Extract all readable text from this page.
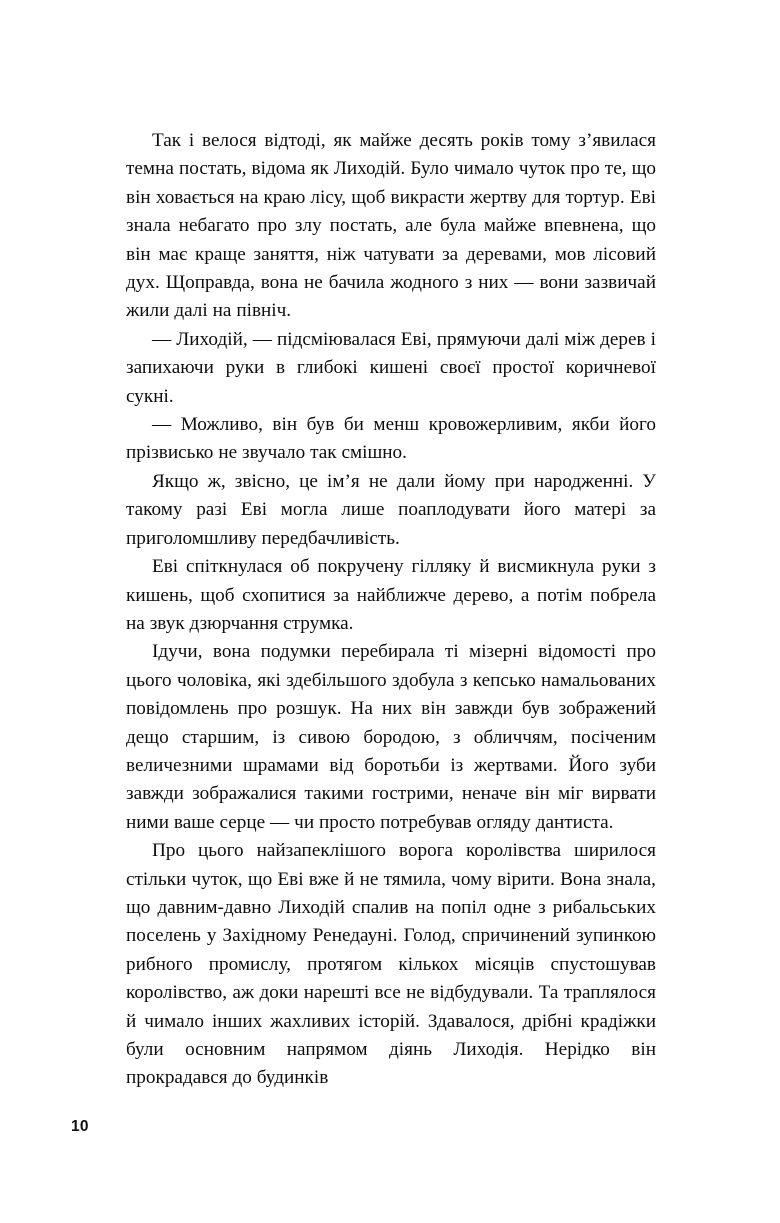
Так і велося відтоді, як майже десять років тому з’явилася темна постать, відома як Лиходій. Було чимало чуток про те, що він ховається на краю лісу, щоб викрасти жертву для тортур. Еві знала небагато про злу постать, але була майже впевнена, що він має краще заняття, ніж чатувати за деревами, мов лісовий дух. Щоправда, вона не бачила жодного з них — вони зазвичай жили далі на північ.

— Лиходій, — підсміювалася Еві, прямуючи далі між дерев і запихаючи руки в глибокі кишені своєї простої коричневої сукні.

— Можливо, він був би менш кровожерливим, якби його прізвисько не звучало так смішно.

Якщо ж, звісно, це ім’я не дали йому при народженні. У такому разі Еві могла лише поаплодувати його матері за приголомшливу передбачливість.

Еві спіткнулася об покручену гілляку й висмикнула руки з кишень, щоб схопитися за найближче дерево, а потім побрела на звук дзюрчання струмка.

Ідучи, вона подумки перебирала ті мізерні відомості про цього чоловіка, які здебільшого здобула з кепсько намальованих повідомлень про розшук. На них він завжди був зображений дещо старшим, із сивою бородою, з обличчям, посіченим величезними шрамами від боротьби із жертвами. Його зуби завжди зображалися такими гострими, неначе він міг вирвати ними ваше серце — чи просто потребував огляду дантиста.

Про цього найзапеклішого ворога королівства ширилося стільки чуток, що Еві вже й не тямила, чому вірити. Вона знала, що давним-давно Лиходій спалив на попіл одне з рибальських поселень у Західному Ренедауні. Голод, спричинений зупинкою рибного промислу, протягом кількох місяців спустошував королівство, аж доки нарешті все не відбудували. Та траплялося й чимало інших жахливих історій. Здавалося, дрібні крадіжки були основним напрямом діянь Лиходія. Нерідко він прокрадався до будинків

10
